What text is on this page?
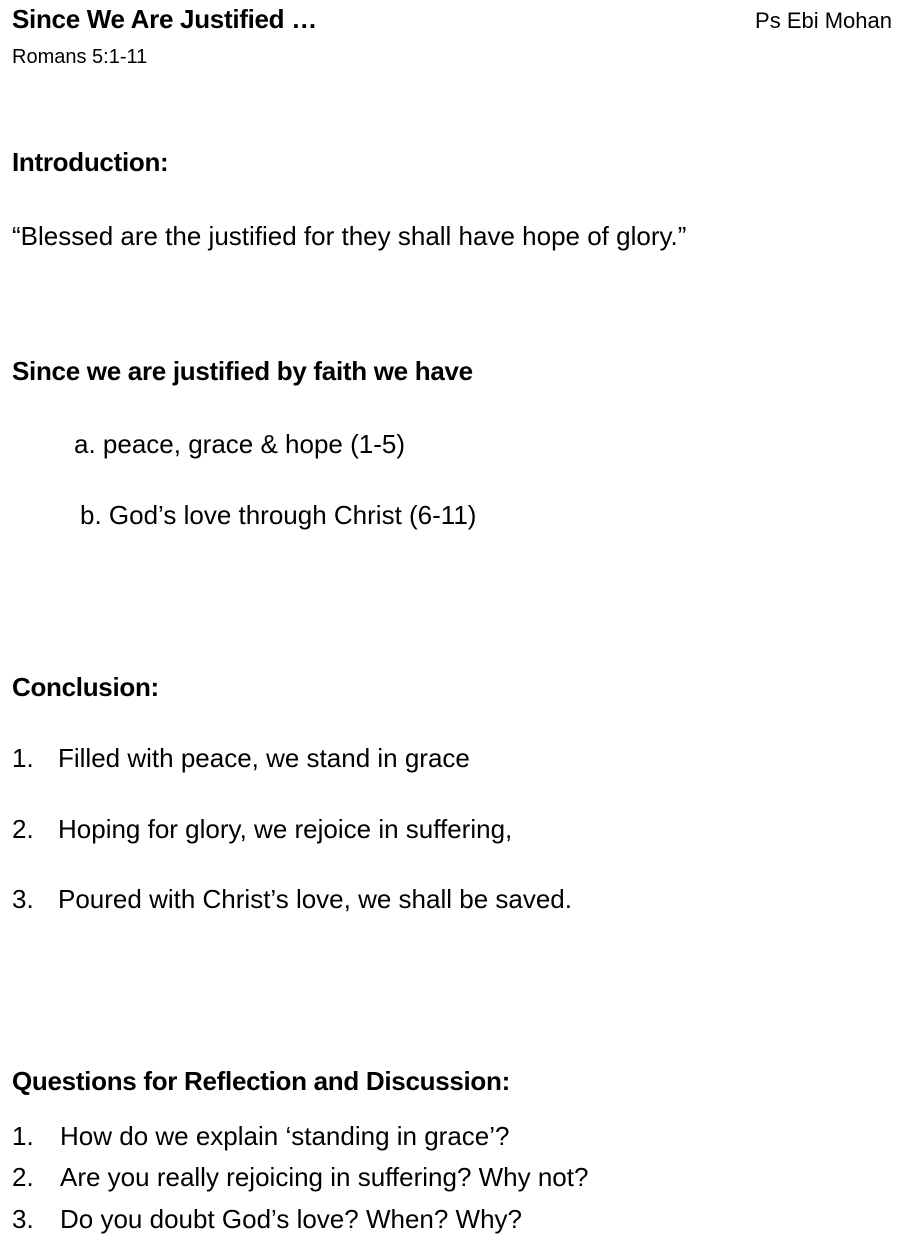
Since We Are Justified …	Ps Ebi Mohan
Romans 5:1-11
Introduction:
“Blessed are the justified for they shall have hope of glory.”
Since we are justified by faith we have
a. peace, grace & hope (1-5)
b. God’s love through Christ (6-11)
Conclusion:
1. Filled with peace, we stand in grace
2. Hoping for glory, we rejoice in suffering,
3. Poured with Christ’s love, we shall be saved.
Questions for Reflection and Discussion:
1. How do we explain ‘standing in grace’?
2. Are you really rejoicing in suffering? Why not?
3. Do you doubt God’s love? When? Why?
